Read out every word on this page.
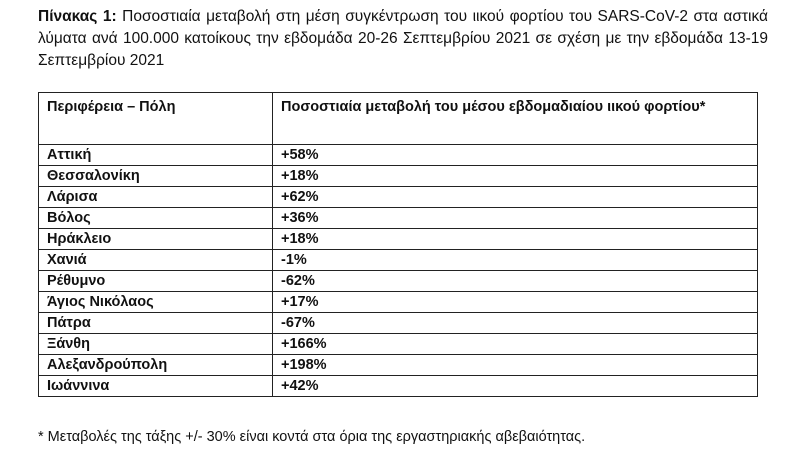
Πίνακας 1: Ποσοστιαία μεταβολή στη μέση συγκέντρωση του ιικού φορτίου του SARS-CoV-2 στα αστικά λύματα ανά 100.000 κατοίκους την εβδομάδα 20-26 Σεπτεμβρίου 2021 σε σχέση με την εβδομάδα 13-19 Σεπτεμβρίου 2021
Περιφέρεια – Πόλη	Ποσοστιαία μεταβολή του μέσου εβδομαδιαίου ιικού φορτίου*
Αττική	+58%
Θεσσαλονίκη	+18%
Λάρισα	+62%
Βόλος	+36%
Ηράκλειο	+18%
Χανιά	-1%
Ρέθυμνο	-62%
Άγιος Νικόλαος	+17%
Πάτρα	-67%
Ξάνθη	+166%
Αλεξανδρούπολη	+198%
Ιωάννινα	+42%
* Μεταβολές της τάξης +/- 30% είναι κοντά στα όρια της εργαστηριακής αβεβαιότητας.
